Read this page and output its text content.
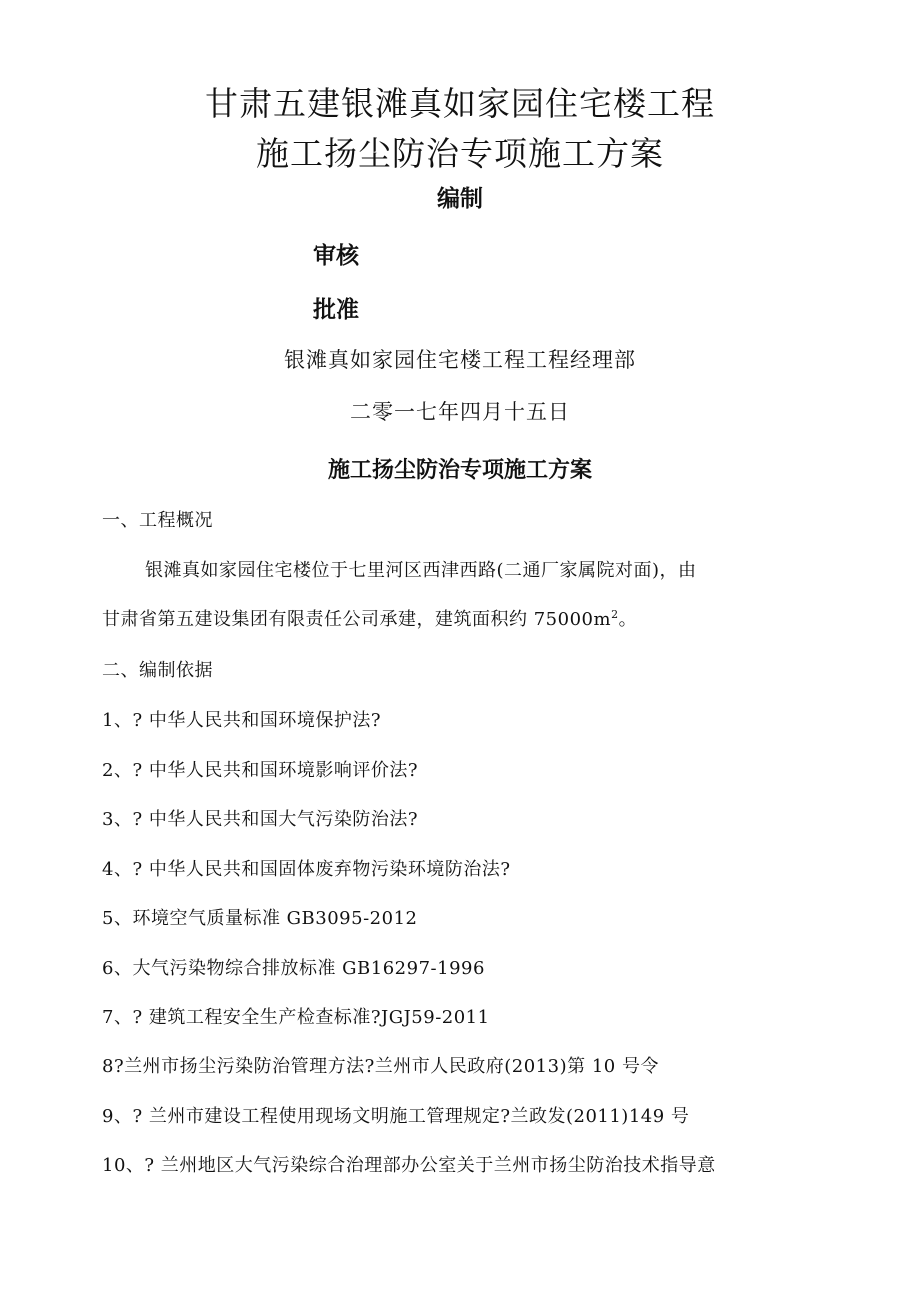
甘肃五建银滩真如家园住宅楼工程
施工扬尘防治专项施工方案
编制
审核
批准
银滩真如家园住宅楼工程工程经理部
二零一七年四月十五日
施工扬尘防治专项施工方案
一、工程概况
银滩真如家园住宅楼位于七里河区西津西路(二通厂家属院对面)，由
甘肃省第五建设集团有限责任公司承建，建筑面积约 $75000m^2$。
二、编制依据
1、? 中华人民共和国环境保护法?
2、? 中华人民共和国环境影响评价法?
3、? 中华人民共和国大气污染防治法?
4、? 中华人民共和国固体废弃物污染环境防治法?
5、环境空气质量标准 GB3095-2012
6、大气污染物综合排放标准 GB16297-1996
7、? 建筑工程安全生产检查标准?JGJ59-2011
8?兰州市扬尘污染防治管理方法?兰州市人民政府(2013)第 10 号令
9、? 兰州市建设工程使用现场文明施工管理规定?兰政发(2011)149 号
10、? 兰州地区大气污染综合治理部办公室关于兰州市扬尘防治技术指导意
